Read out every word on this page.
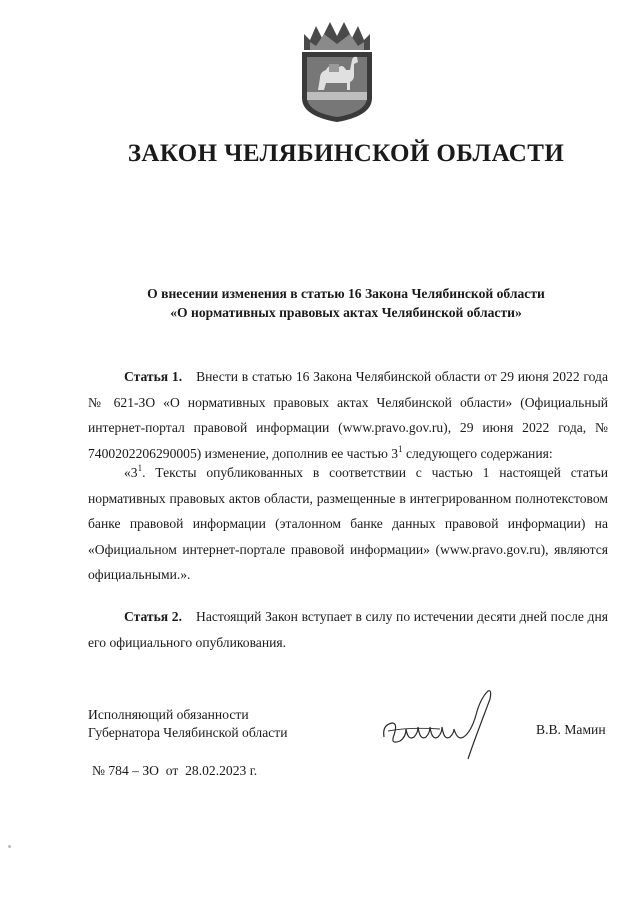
ЗАКОН ЧЕЛЯБИНСКОЙ ОБЛАСТИ
О внесении изменения в статью 16 Закона Челябинской области
«О нормативных правовых актах Челябинской области»
Статья 1. Внести в статью 16 Закона Челябинской области от 29 июня 2022 года № 621-ЗО «О нормативных правовых актах Челябинской области» (Официальный интернет-портал правовой информации (www.pravo.gov.ru), 29 июня 2022 года, № 7400202206290005) изменение, дополнив ее частью $3^1$ следующего содержания:
«$3^1$. Тексты опубликованных в соответствии с частью 1 настоящей статьи нормативных правовых актов области, размещенные в интегрированном полнотекстовом банке правовой информации (эталонном банке данных правовой информации) на «Официальном интернет-портале правовой информации» (www.pravo.gov.ru), являются официальными.».
Статья 2. Настоящий Закон вступает в силу по истечении десяти дней после дня его официального опубликования.
Исполняющий обязанности
Губернатора Челябинской области	В.В. Мамин
№ 784 – ЗО  от  28.02.2023 г.
